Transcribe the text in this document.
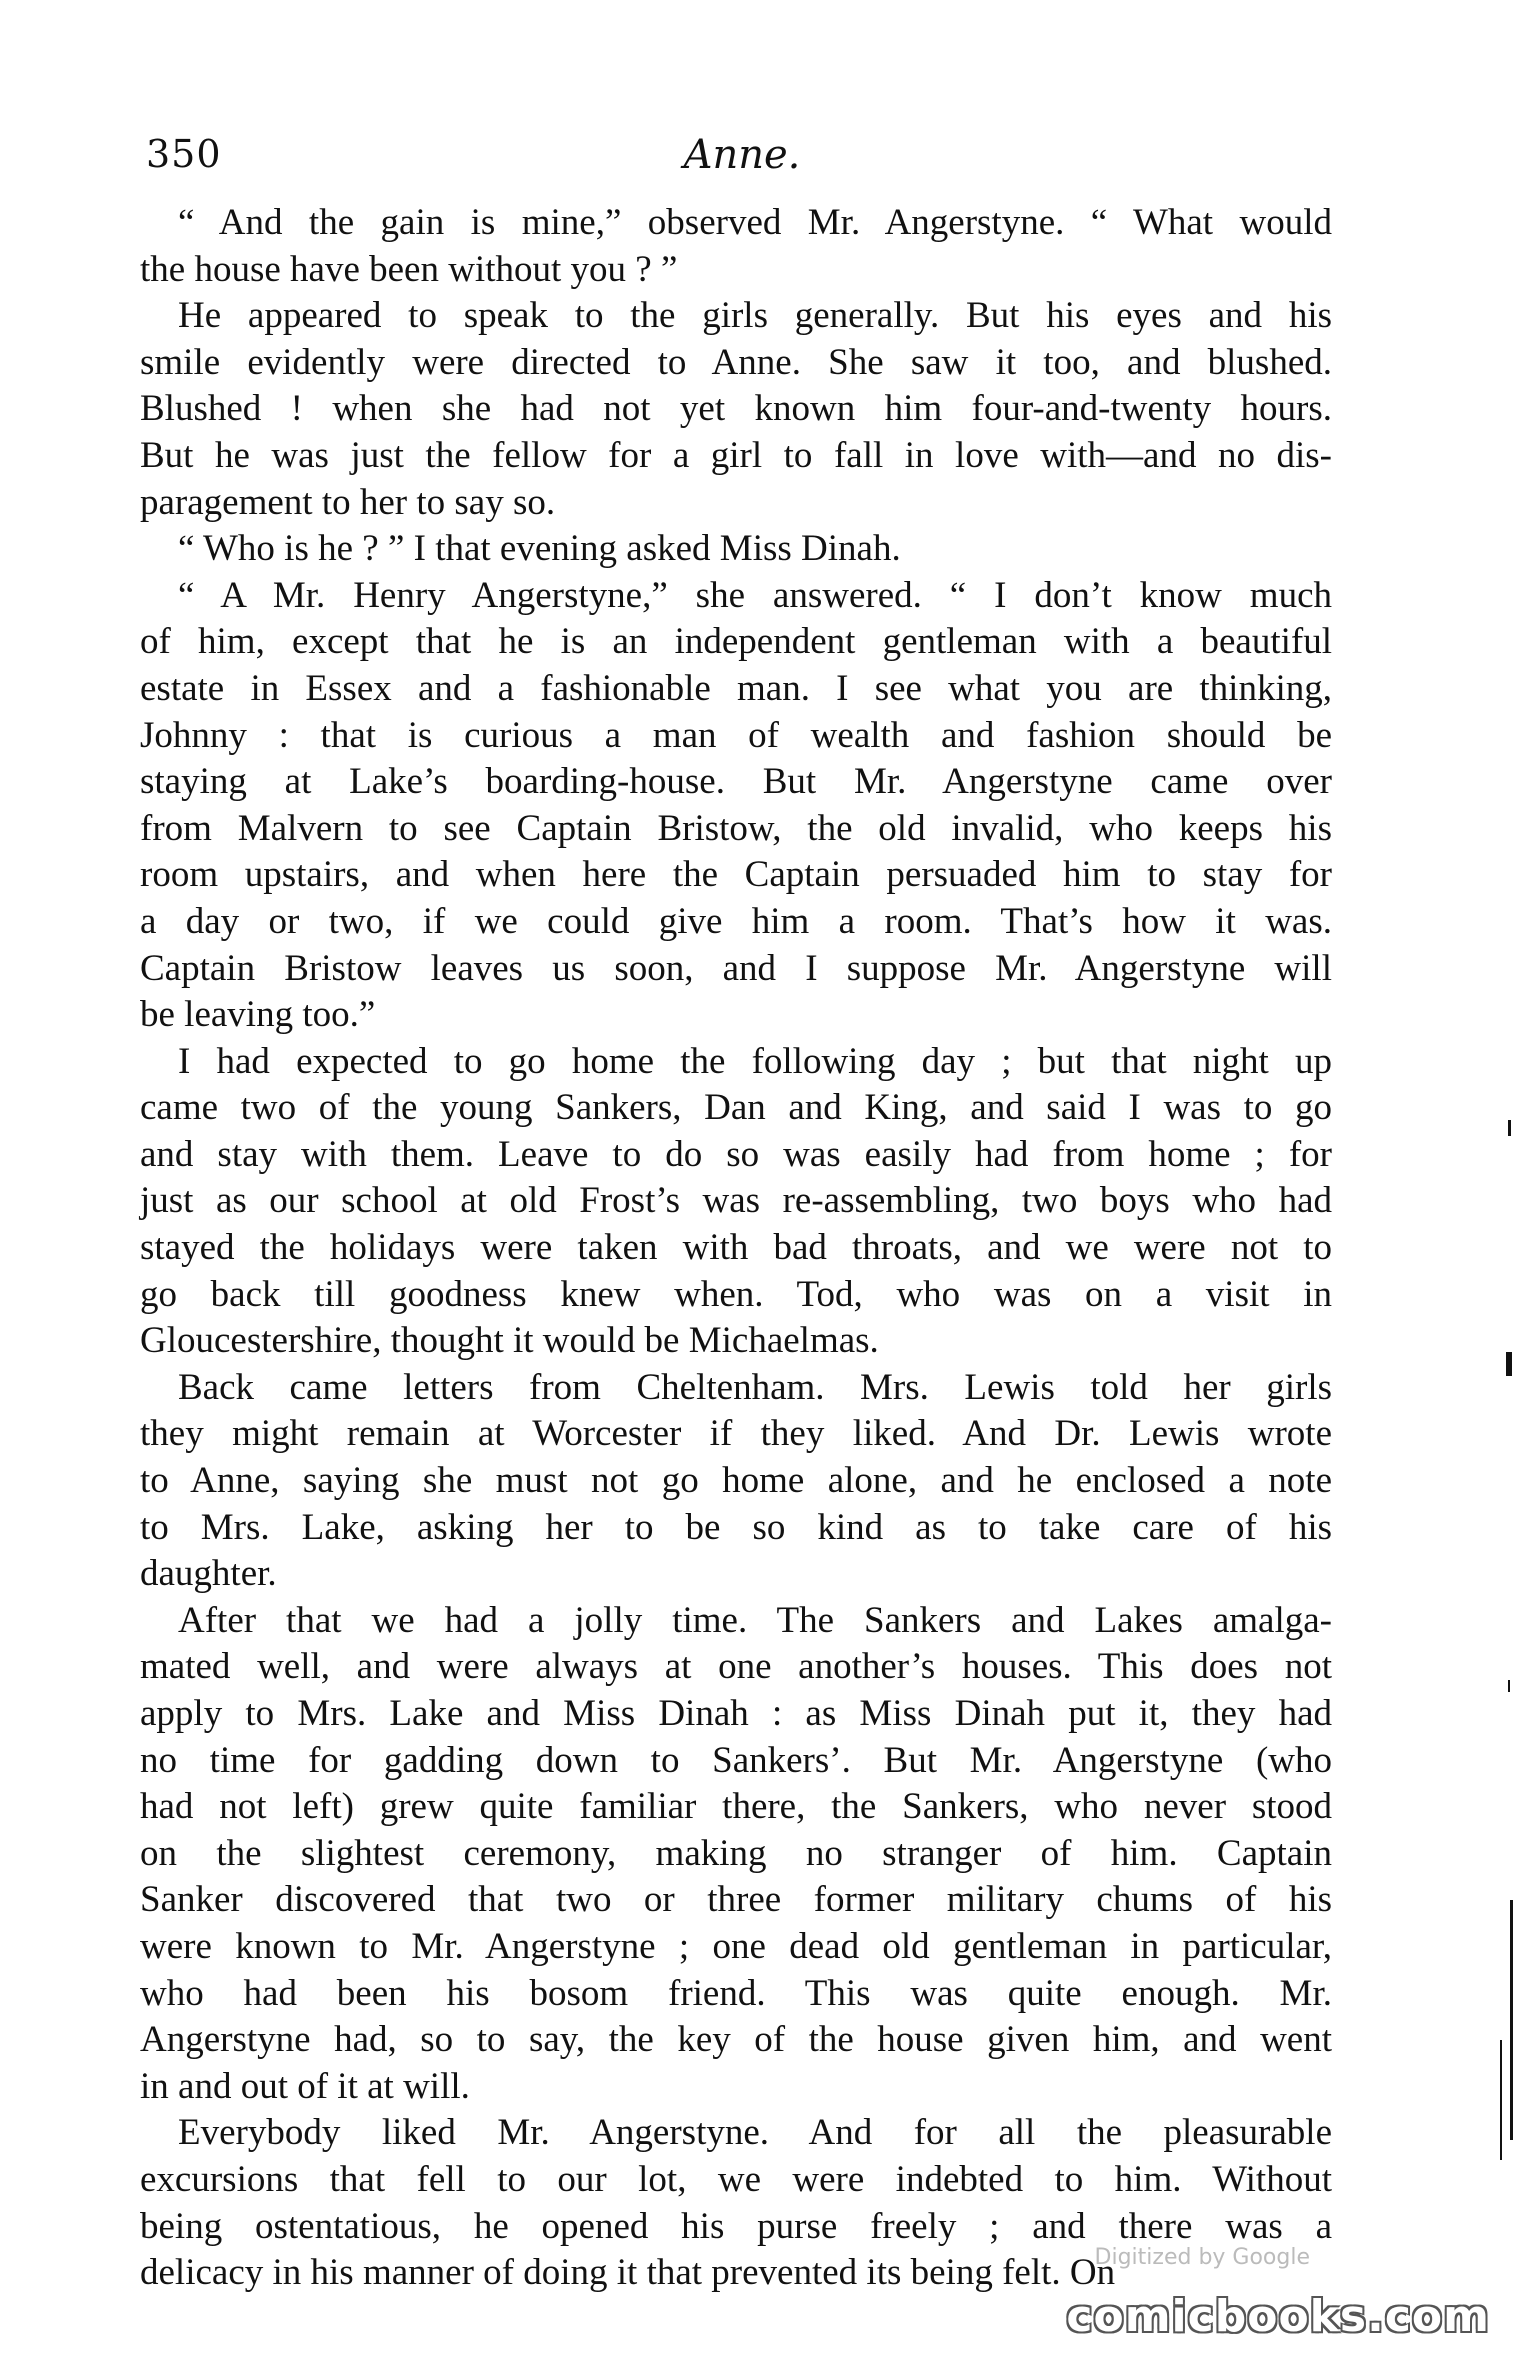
350	Anne.
“ And the gain is mine,” observed Mr. Angerstyne. “ What would
the house have been without you ? ”
He appeared to speak to the girls generally. But his eyes and his
smile evidently were directed to Anne. She saw it too, and blushed.
Blushed ! when she had not yet known him four-and-twenty hours.
But he was just the fellow for a girl to fall in love with—and no dis-
paragement to her to say so.
“ Who is he ? ” I that evening asked Miss Dinah.
“ A Mr. Henry Angerstyne,” she answered. “ I don’t know much
of him, except that he is an independent gentleman with a beautiful
estate in Essex and a fashionable man. I see what you are thinking,
Johnny : that is curious a man of wealth and fashion should be
staying at Lake’s boarding-house. But Mr. Angerstyne came over
from Malvern to see Captain Bristow, the old invalid, who keeps his
room upstairs, and when here the Captain persuaded him to stay for
a day or two, if we could give him a room. That’s how it was.
Captain Bristow leaves us soon, and I suppose Mr. Angerstyne will
be leaving too.”
I had expected to go home the following day ; but that night up
came two of the young Sankers, Dan and King, and said I was to go
and stay with them. Leave to do so was easily had from home ; for
just as our school at old Frost’s was re-assembling, two boys who had
stayed the holidays were taken with bad throats, and we were not to
go back till goodness knew when. Tod, who was on a visit in
Gloucestershire, thought it would be Michaelmas.
Back came letters from Cheltenham. Mrs. Lewis told her girls
they might remain at Worcester if they liked. And Dr. Lewis wrote
to Anne, saying she must not go home alone, and he enclosed a note
to Mrs. Lake, asking her to be so kind as to take care of his
daughter.
After that we had a jolly time. The Sankers and Lakes amalga-
mated well, and were always at one another’s houses. This does not
apply to Mrs. Lake and Miss Dinah : as Miss Dinah put it, they had
no time for gadding down to Sankers’. But Mr. Angerstyne (who
had not left) grew quite familiar there, the Sankers, who never stood
on the slightest ceremony, making no stranger of him. Captain
Sanker discovered that two or three former military chums of his
were known to Mr. Angerstyne ; one dead old gentleman in particular,
who had been his bosom friend. This was quite enough. Mr.
Angerstyne had, so to say, the key of the house given him, and went
in and out of it at will.
Everybody liked Mr. Angerstyne. And for all the pleasurable
excursions that fell to our lot, we were indebted to him. Without
being ostentatious, he opened his purse freely ; and there was a
delicacy in his manner of doing it that prevented its being felt. On
Digitized by Google
comicbooks.com
